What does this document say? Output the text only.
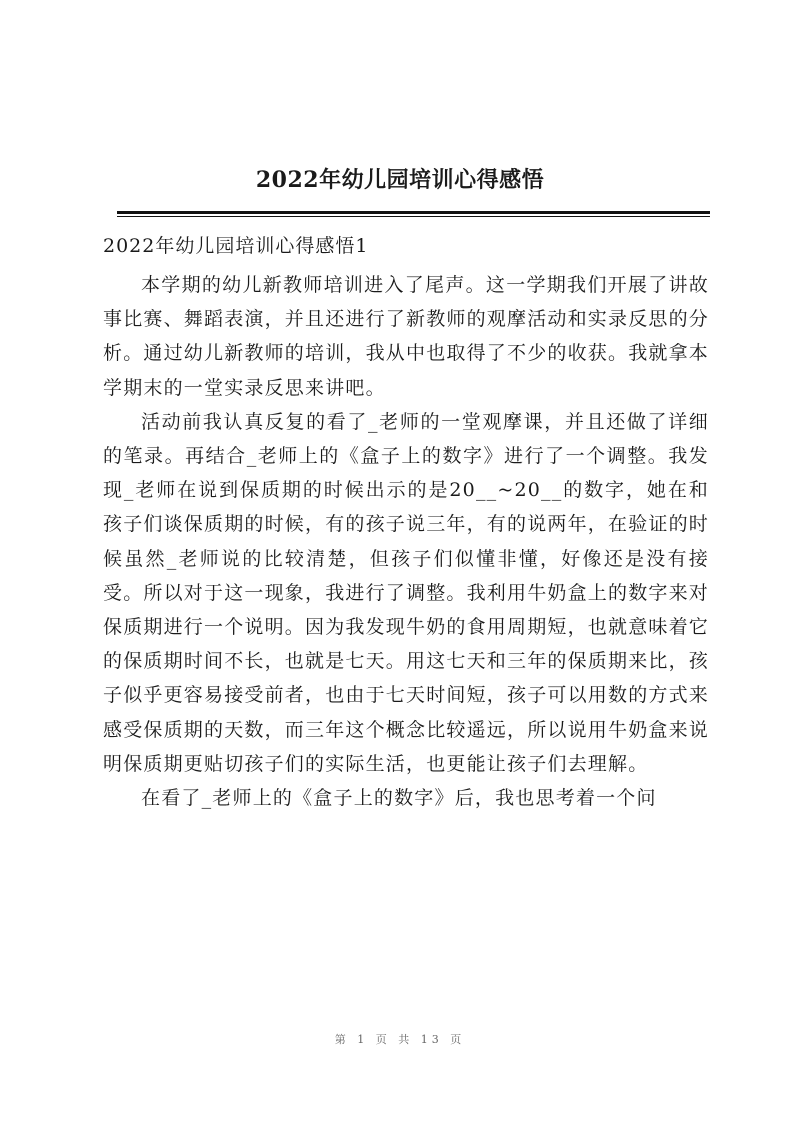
2022年幼儿园培训心得感悟
2022年幼儿园培训心得感悟1

本学期的幼儿新教师培训进入了尾声。这一学期我们开展了讲故事比赛、舞蹈表演，并且还进行了新教师的观摩活动和实录反思的分析。通过幼儿新教师的培训，我从中也取得了不少的收获。我就拿本学期末的一堂实录反思来讲吧。

活动前我认真反复的看了_老师的一堂观摩课，并且还做了详细的笔录。再结合_老师上的《盒子上的数字》进行了一个调整。我发现_老师在说到保质期的时候出示的是20__~20__的数字，她在和孩子们谈保质期的时候，有的孩子说三年，有的说两年，在验证的时候虽然_老师说的比较清楚，但孩子们似懂非懂，好像还是没有接受。所以对于这一现象，我进行了调整。我利用牛奶盒上的数字来对保质期进行一个说明。因为我发现牛奶的食用周期短，也就意味着它的保质期时间不长，也就是七天。用这七天和三年的保质期来比，孩子似乎更容易接受前者，也由于七天时间短，孩子可以用数的方式来感受保质期的天数，而三年这个概念比较遥远，所以说用牛奶盒来说明保质期更贴切孩子们的实际生活，也更能让孩子们去理解。

在看了_老师上的《盒子上的数字》后，我也思考着一个问

第 1 页 共 13 页
